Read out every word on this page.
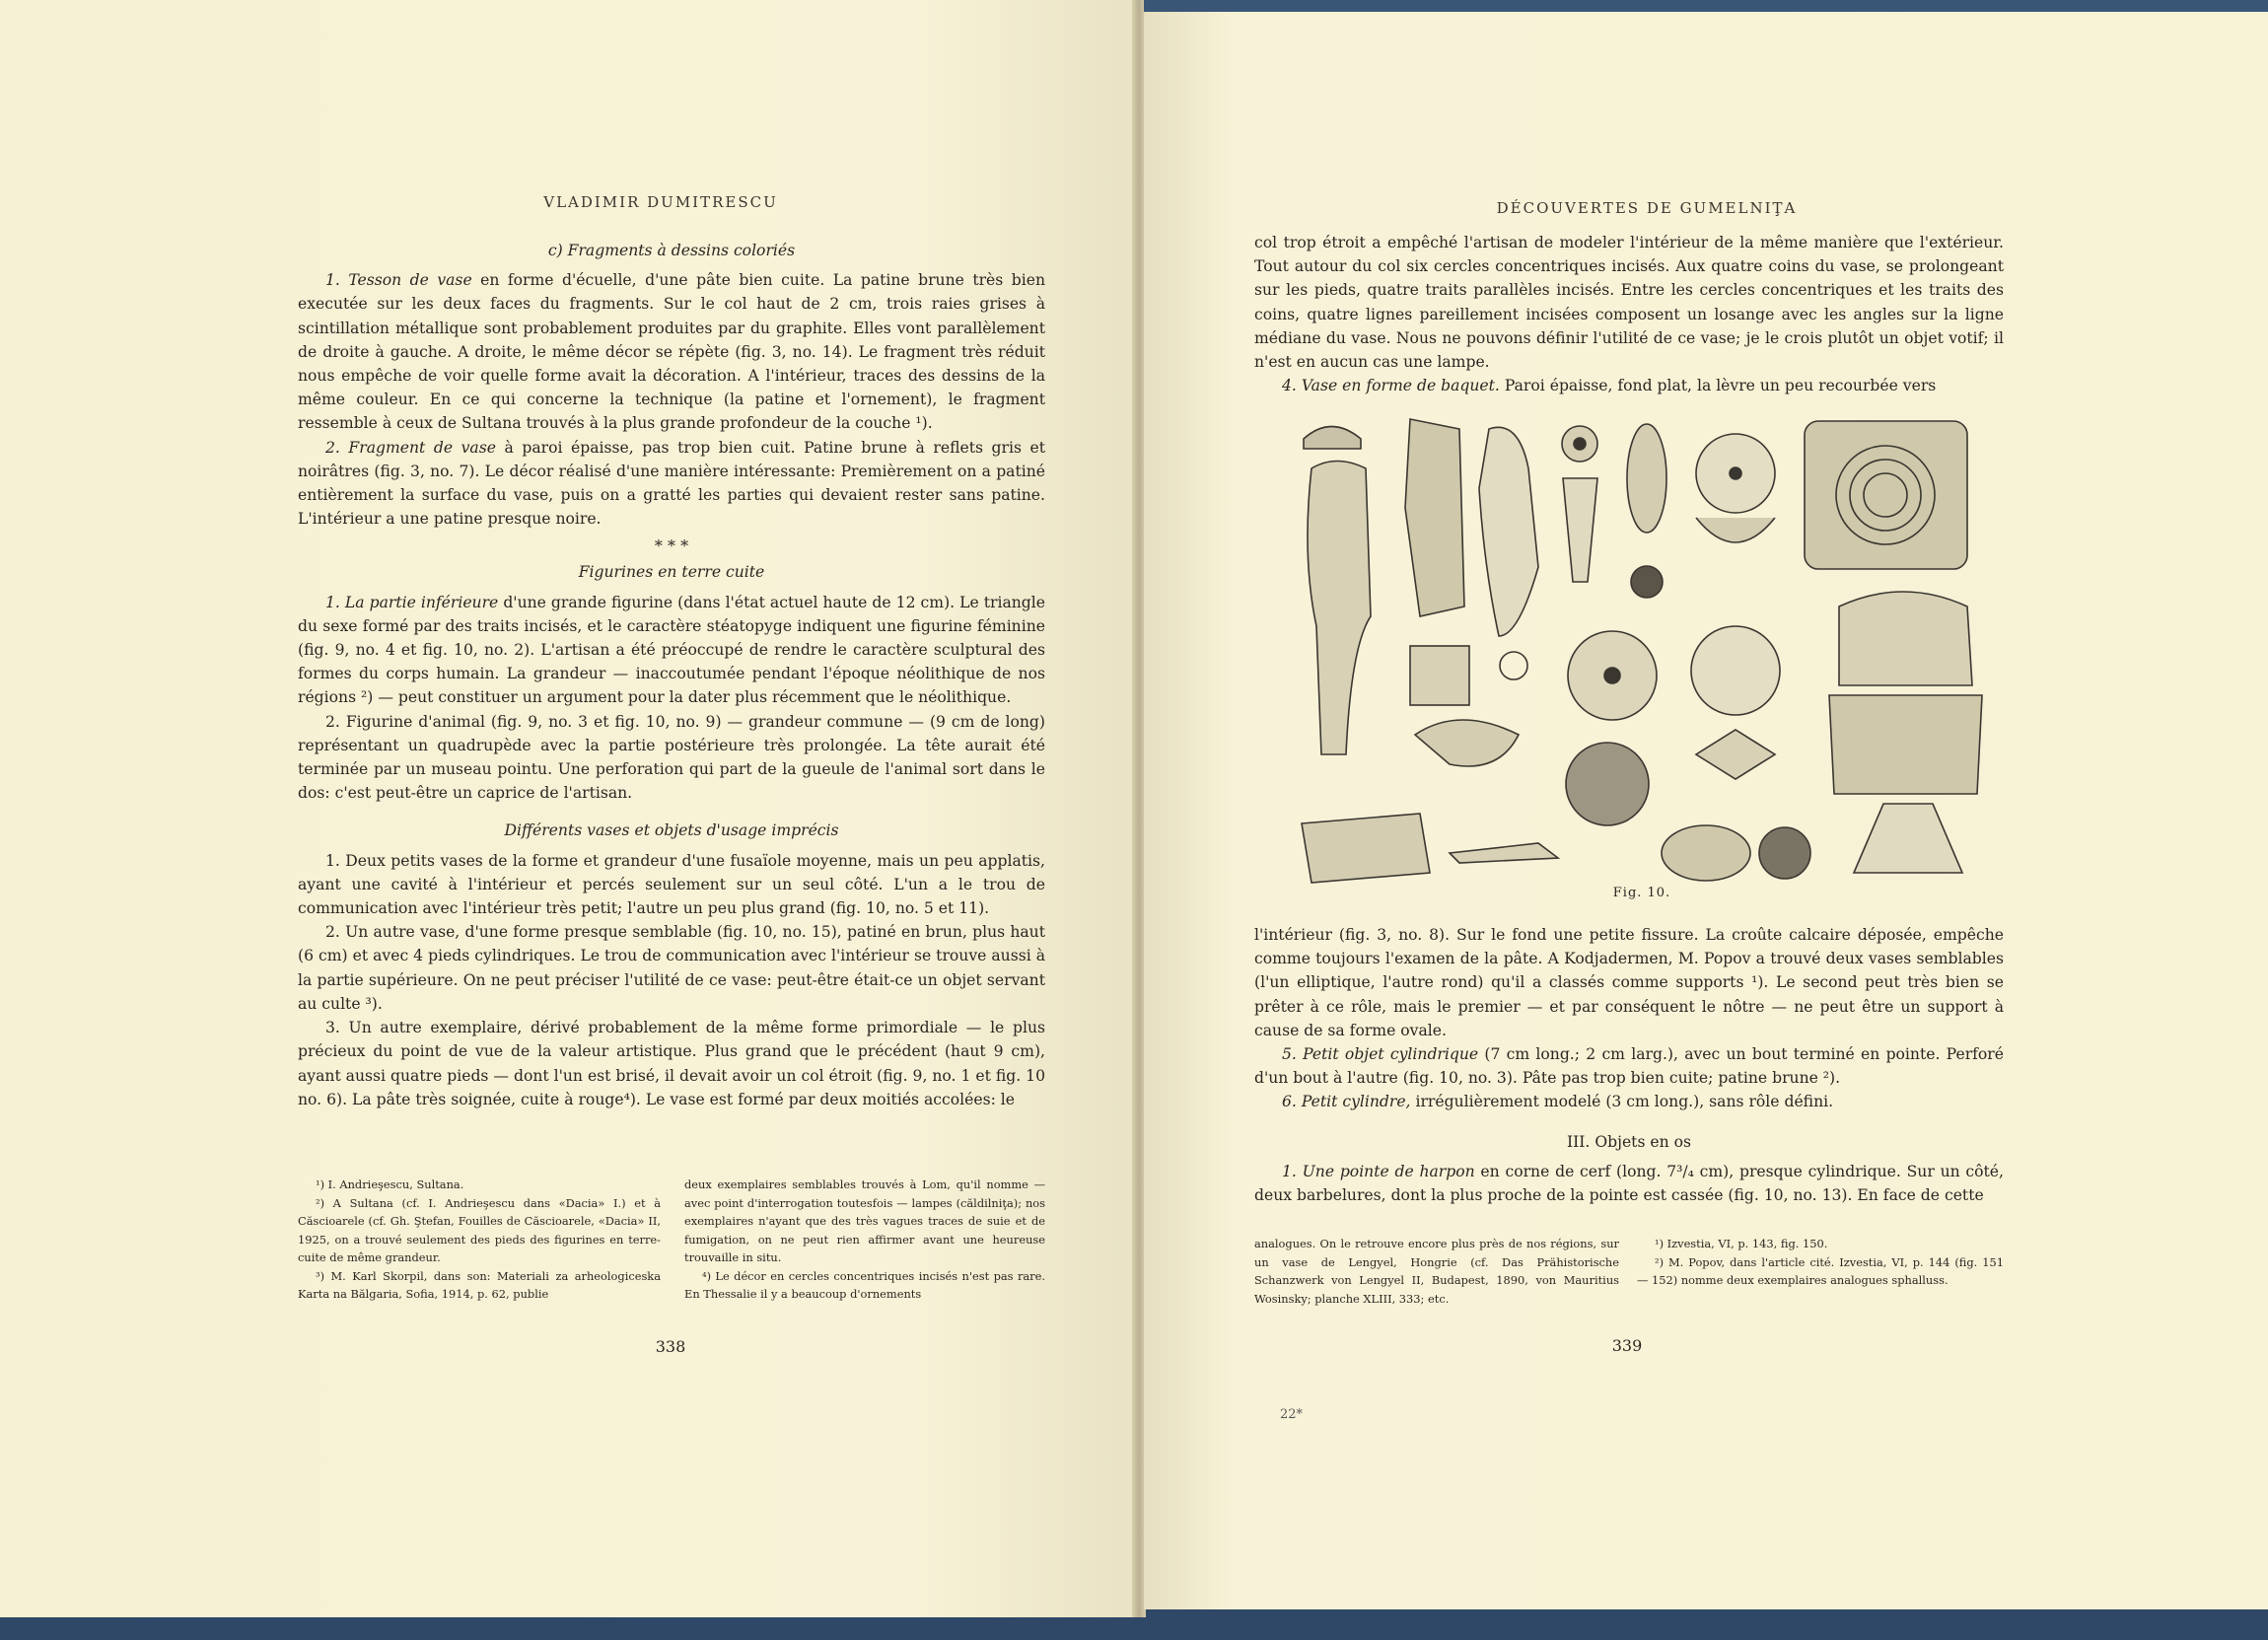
VLADIMIR DUMITRESCU
c) Fragments à dessins coloriés

1. Tesson de vase en forme d'écuelle, d'une pâte bien cuite. La patine brune très bien executée sur les deux faces du fragments. Sur le col haut de 2 cm, trois raies grises à scintillation métallique sont probablement produites par du graphite. Elles vont parallèlement de droite à gauche. A droite, le même décor se répète (fig. 3, no. 14). Le fragment très réduit nous empêche de voir quelle forme avait la décoration. A l'intérieur, traces des dessins de la même couleur. En ce qui concerne la technique (la patine et l'ornement), le fragment ressemble à ceux de Sultana trouvés à la plus grande profondeur de la couche ¹).

2. Fragment de vase à paroi épaisse, pas trop bien cuit. Patine brune à reflets gris et noirâtres (fig. 3, no. 7). Le décor réalisé d'une manière intéressante: Premièrement on a patiné entièrement la surface du vase, puis on a gratté les parties qui devaient rester sans patine. L'intérieur a une patine presque noire.

* * *
Figurines en terre cuite

1. La partie inférieure d'une grande figurine (dans l'état actuel haute de 12 cm). Le triangle du sexe formé par des traits incisés, et le caractère stéatopyge indiquent une figurine féminine (fig. 9, no. 4 et fig. 10, no. 2). L'artisan a été préoccupé de rendre le caractère sculptural des formes du corps humain. La grandeur — inaccoutumée pendant l'époque néolithique de nos régions ²) — peut constituer un argument pour la dater plus récemment que le néolithique.

2. Figurine d'animal (fig. 9, no. 3 et fig. 10, no. 9) — grandeur commune — (9 cm de long) représentant un quadrupède avec la partie postérieure très prolongée. La tête aurait été terminée par un museau pointu. Une perforation qui part de la gueule de l'animal sort dans le dos: c'est peut-être un caprice de l'artisan.

Différents vases et objets d'usage imprécis

1. Deux petits vases de la forme et grandeur d'une fusaïole moyenne, mais un peu applatis, ayant une cavité à l'intérieur et percés seulement sur un seul côté. L'un a le trou de communication avec l'intérieur très petit; l'autre un peu plus grand (fig. 10, no. 5 et 11).

2. Un autre vase, d'une forme presque semblable (fig. 10, no. 15), patiné en brun, plus haut (6 cm) et avec 4 pieds cylindriques. Le trou de communication avec l'intérieur se trouve aussi à la partie supérieure. On ne peut préciser l'utilité de ce vase: peut-être était-ce un objet servant au culte ³).

3. Un autre exemplaire, dérivé probablement de la même forme primordiale — le plus précieux du point de vue de la valeur artistique. Plus grand que le précédent (haut 9 cm), ayant aussi quatre pieds — dont l'un est brisé, il devait avoir un col étroit (fig. 9, no. 1 et fig. 10 no. 6). La pâte très soignée, cuite à rouge⁴). Le vase est formé par deux moitiés accolées: le

¹) I. Andrieşescu, Sultana.

²) A Sultana (cf. I. Andrieşescu dans «Dacia» I.) et à Căscioarele (cf. Gh. Ştefan, Fouilles de Căscioarele, «Dacia» II, 1925, on a trouvé seulement des pieds des figurines en terre-cuite de même grandeur.

³) M. Karl Skorpil, dans son: Materiali za arheologiceska Karta na Bălgaria, Sofia, 1914, p. 62, publie

deux exemplaires semblables trouvés à Lom, qu'il nomme — avec point d'interrogation toutesfois — lampes (căldilniţa); nos exemplaires n'ayant que des très vagues traces de suie et de fumigation, on ne peut rien affirmer avant une heureuse trouvaille in situ.

⁴) Le décor en cercles concentriques incisés n'est pas rare. En Thessalie il y a beaucoup d'ornements

338
DÉCOUVERTES DE GUMELNIŢA

col trop étroit a empêché l'artisan de modeler l'intérieur de la même manière que l'extérieur. Tout autour du col six cercles concentriques incisés. Aux quatre coins du vase, se prolongeant sur les pieds, quatre traits parallèles incisés. Entre les cercles concentriques et les traits des coins, quatre lignes pareillement incisées composent un losange avec les angles sur la ligne médiane du vase. Nous ne pouvons définir l'utilité de ce vase; je le crois plutôt un objet votif; il n'est en aucun cas une lampe.

4. Vase en forme de baquet. Paroi épaisse, fond plat, la lèvre un peu recourbée vers

Fig. 10.

l'intérieur (fig. 3, no. 8). Sur le fond une petite fissure. La croûte calcaire déposée, empêche comme toujours l'examen de la pâte. A Kodjadermen, M. Popov a trouvé deux vases semblables (l'un elliptique, l'autre rond) qu'il a classés comme supports ¹). Le second peut très bien se prêter à ce rôle, mais le premier — et par conséquent le nôtre — ne peut être un support à cause de sa forme ovale.

5. Petit objet cylindrique (7 cm long.; 2 cm larg.), avec un bout terminé en pointe. Perforé d'un bout à l'autre (fig. 10, no. 3). Pâte pas trop bien cuite; patine brune ²).

6. Petit cylindre, irrégulièrement modelé (3 cm long.), sans rôle défini.

III. Objets en os

1. Une pointe de harpon en corne de cerf (long. 7³/₄ cm), presque cylindrique. Sur un côté, deux barbelures, dont la plus proche de la pointe est cassée (fig. 10, no. 13). En face de cette

analogues. On le retrouve encore plus près de nos régions, sur un vase de Lengyel, Hongrie (cf. Das Prähistorische Schanzwerk von Lengyel II, Budapest, 1890, von Mauritius Wosinsky; planche XLIII, 333; etc.

¹) Izvestia, VI, p. 143, fig. 150.

²) M. Popov, dans l'article cité. Izvestia, VI, p. 144 (fig. 151 — 152) nomme deux exemplaires analogues sphalluss.

339
22*
